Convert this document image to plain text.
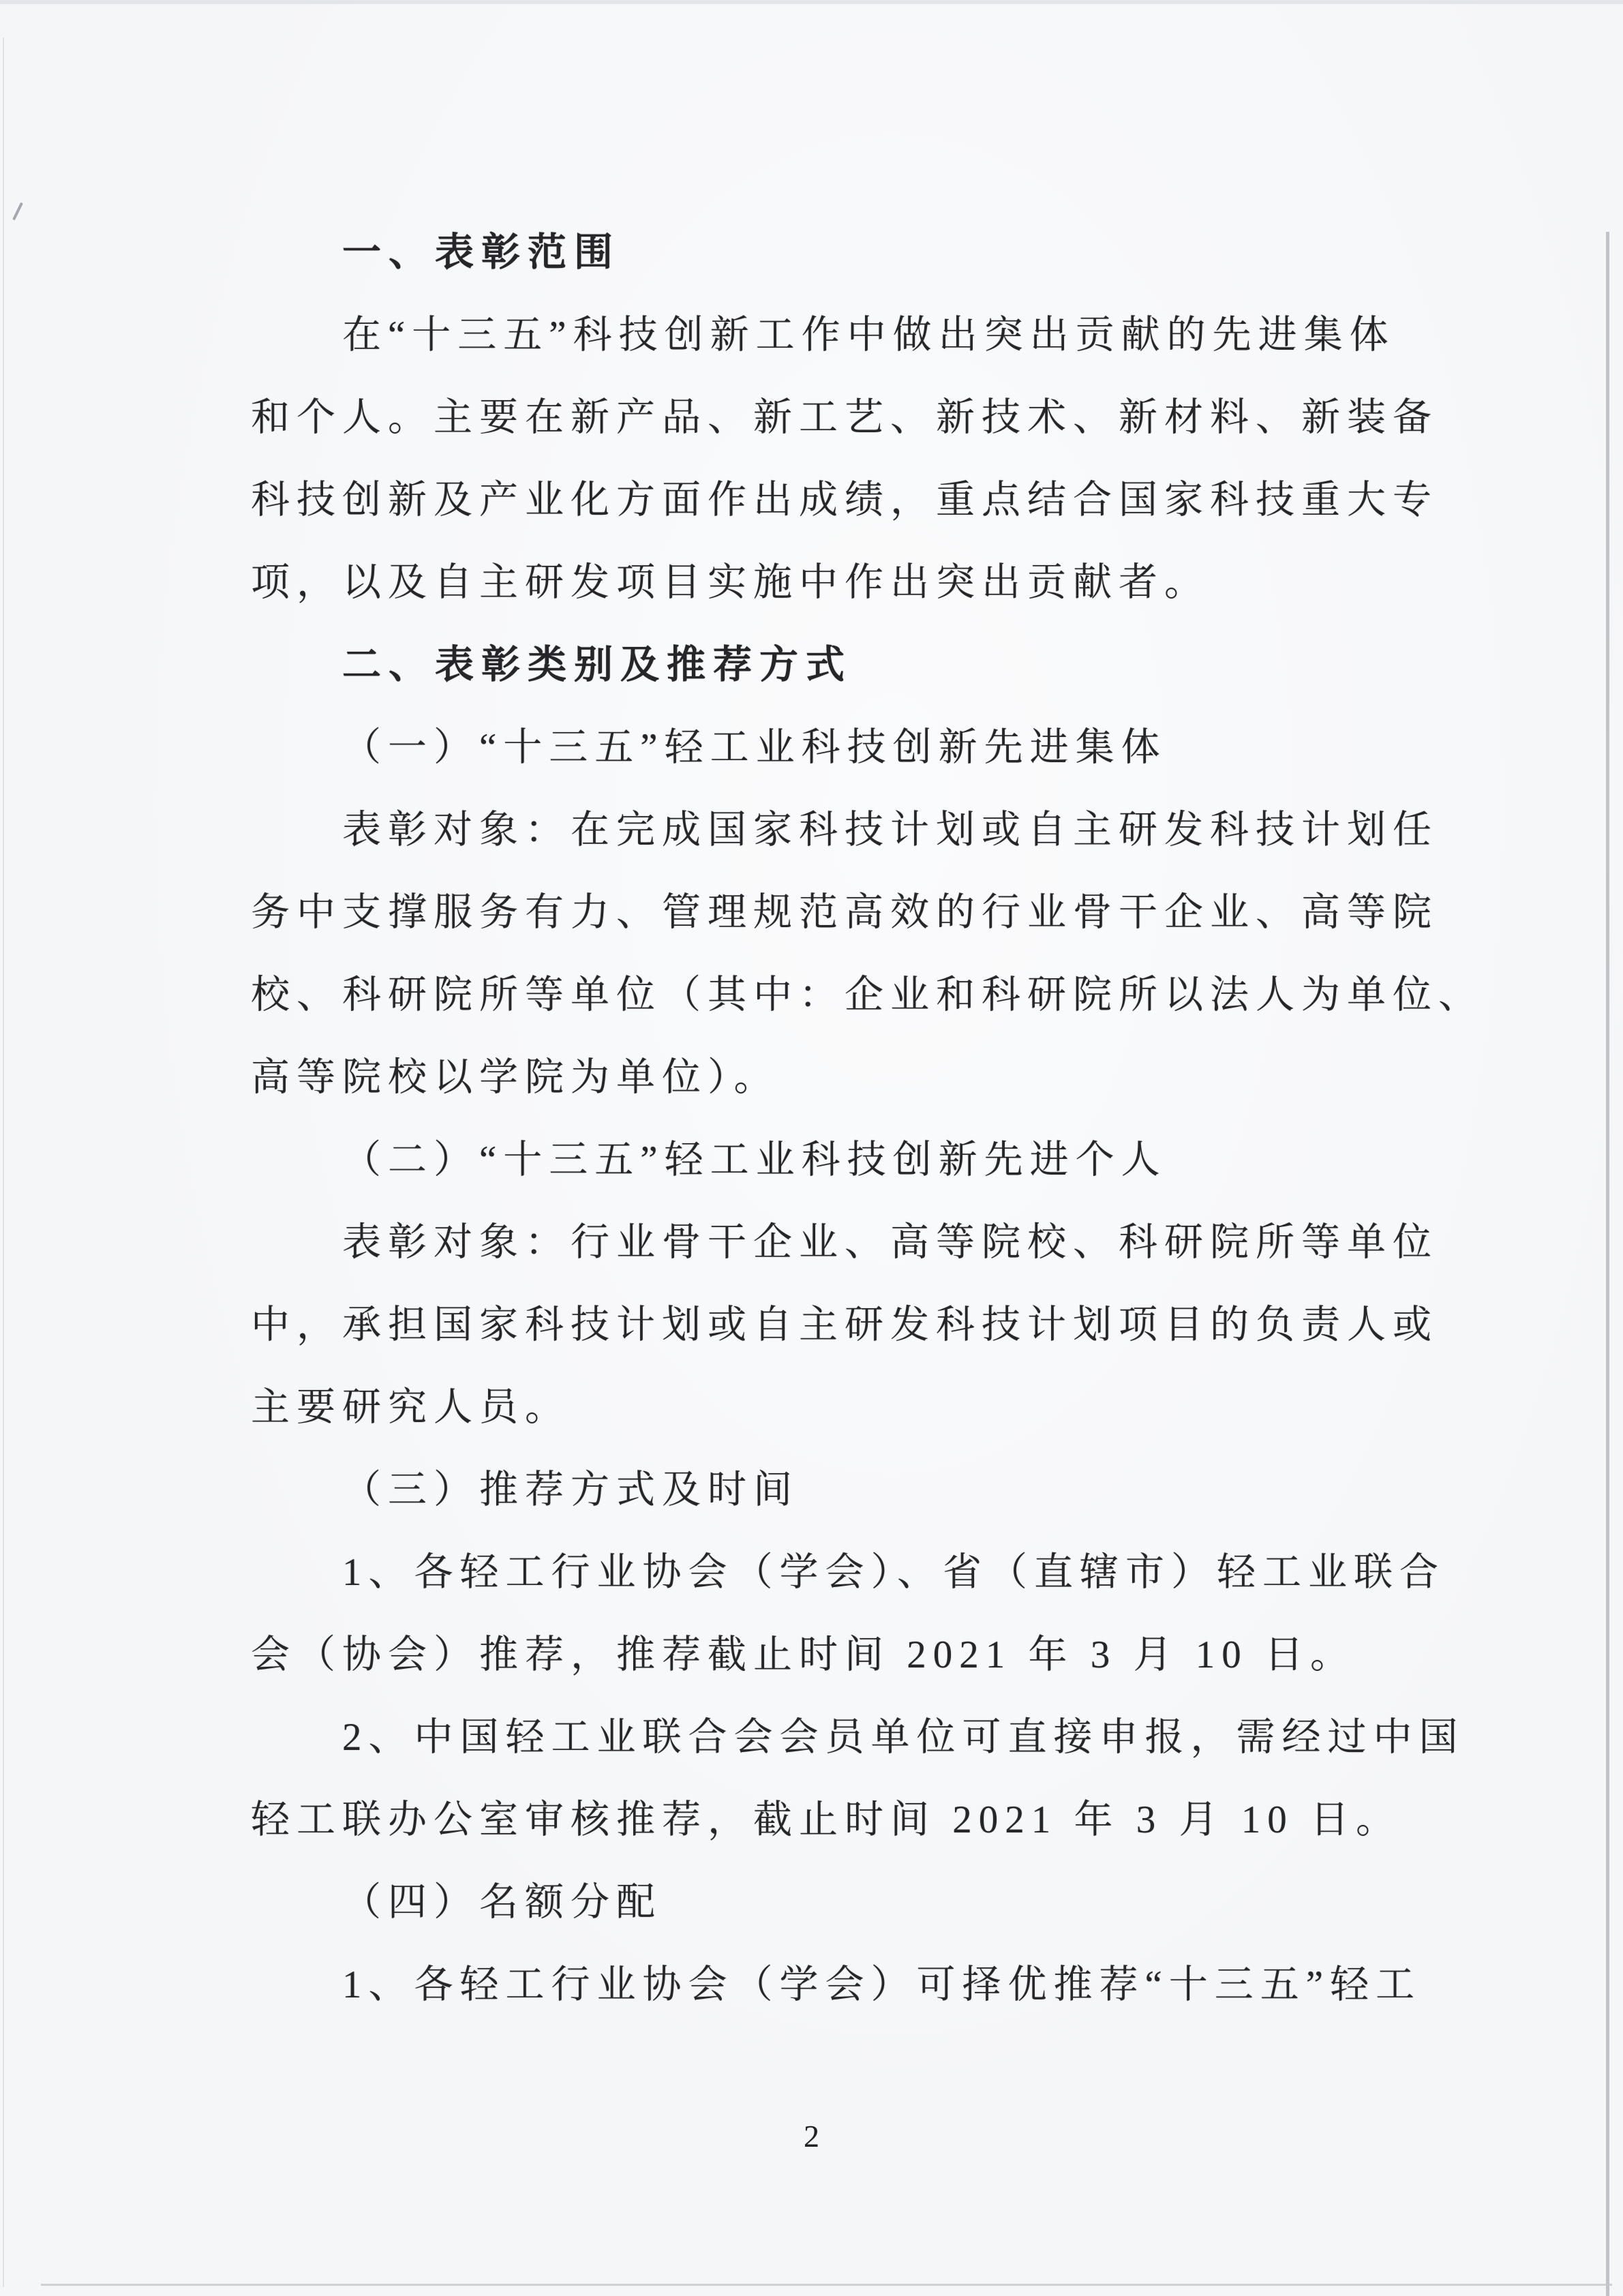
一、表彰范围
在“十三五”科技创新工作中做出突出贡献的先进集体
和个人。主要在新产品、新工艺、新技术、新材料、新装备
科技创新及产业化方面作出成绩，重点结合国家科技重大专
项，以及自主研发项目实施中作出突出贡献者。
二、表彰类别及推荐方式
（一）“十三五”轻工业科技创新先进集体
表彰对象：在完成国家科技计划或自主研发科技计划任
务中支撑服务有力、管理规范高效的行业骨干企业、高等院
校、科研院所等单位（其中：企业和科研院所以法人为单位、
高等院校以学院为单位）。
（二）“十三五”轻工业科技创新先进个人
表彰对象：行业骨干企业、高等院校、科研院所等单位
中，承担国家科技计划或自主研发科技计划项目的负责人或
主要研究人员。
（三）推荐方式及时间
1、各轻工行业协会（学会）、省（直辖市）轻工业联合
会（协会）推荐，推荐截止时间 2021 年 3 月 10 日。
2、中国轻工业联合会会员单位可直接申报，需经过中国
轻工联办公室审核推荐，截止时间 2021 年 3 月 10 日。
（四）名额分配
1、各轻工行业协会（学会）可择优推荐“十三五”轻工
2
